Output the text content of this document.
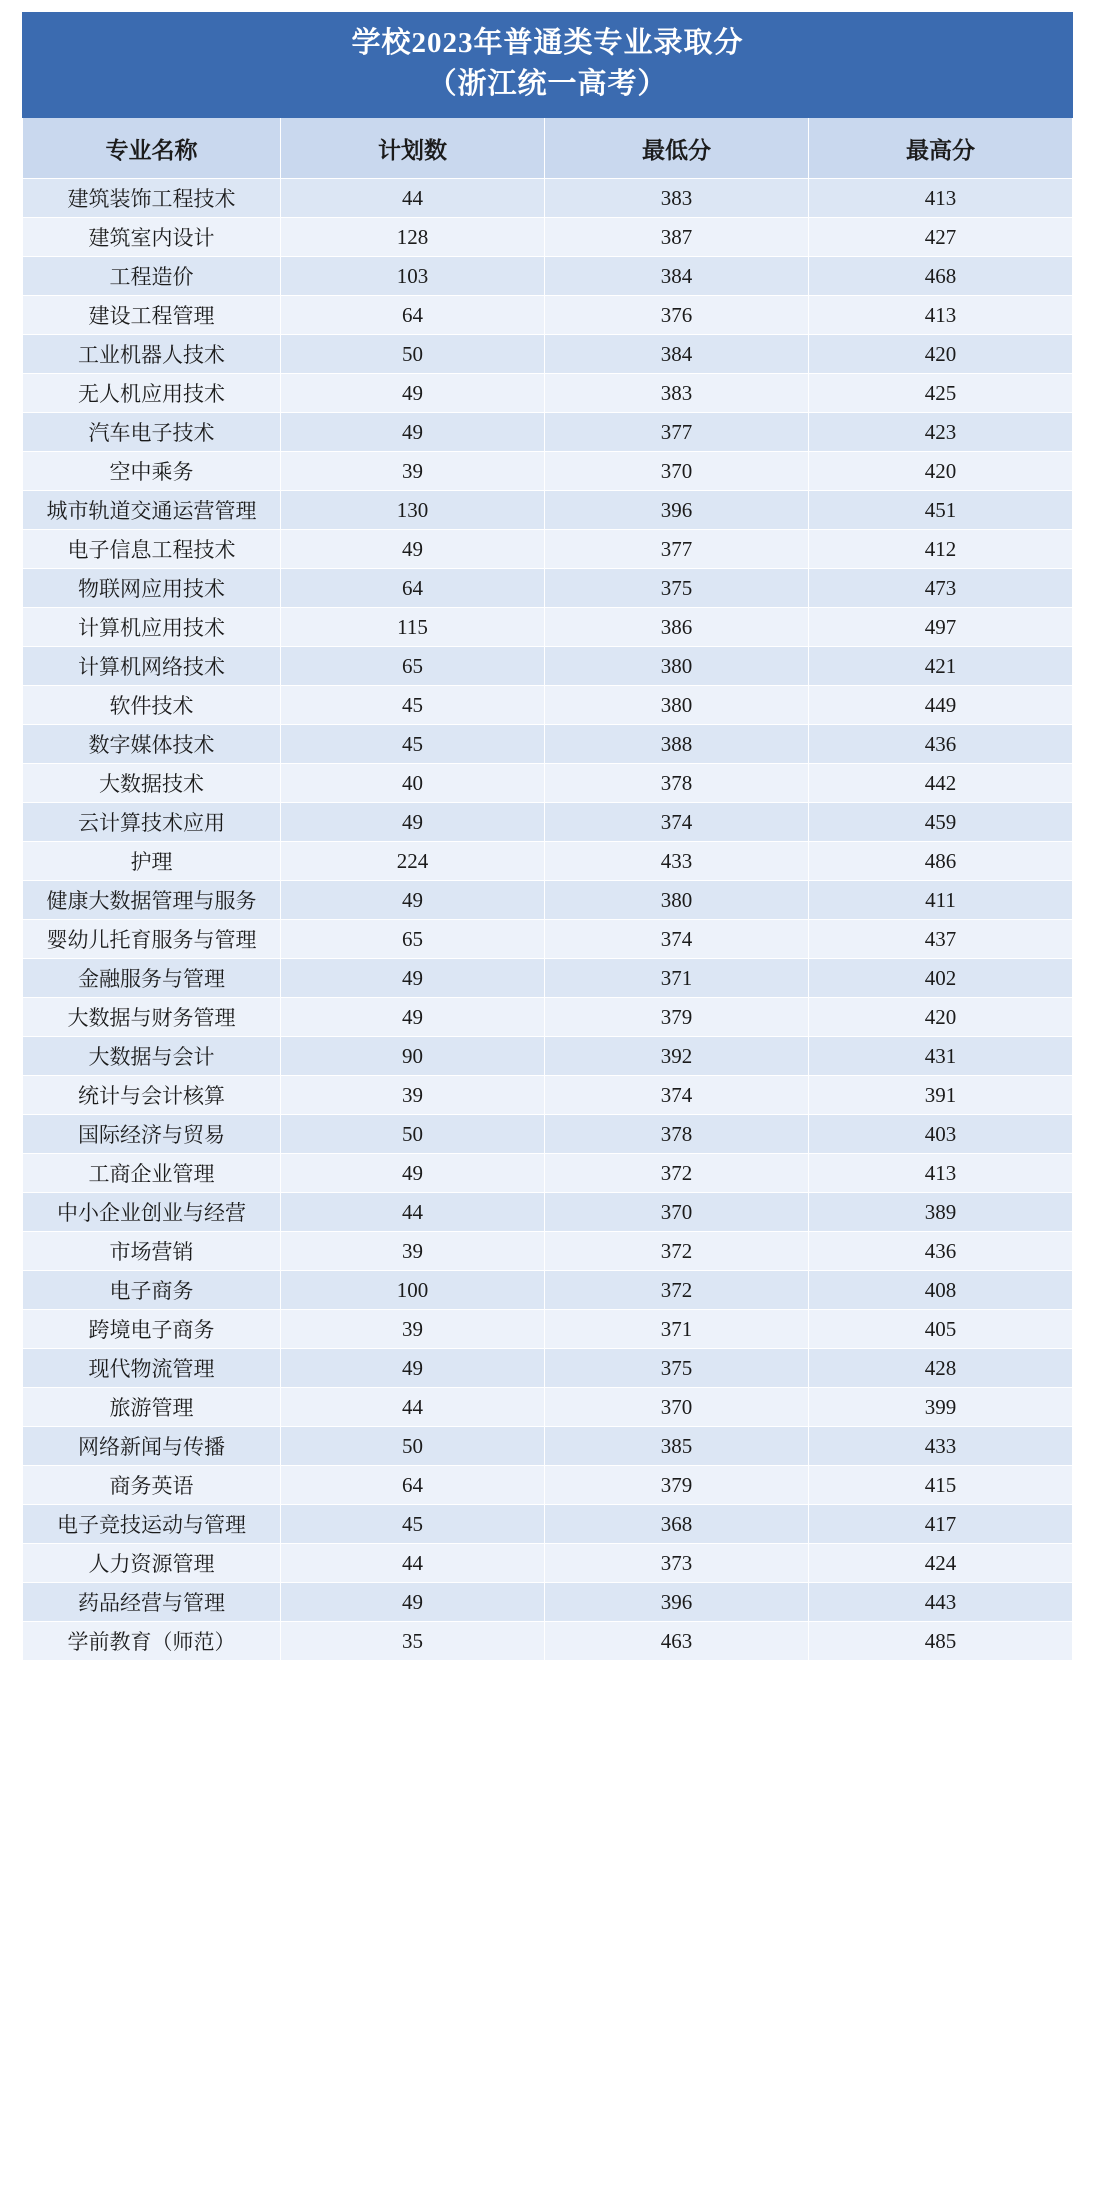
学校2023年普通类专业录取分
（浙江统一高考）			

专业名称	计划数	最低分	最高分
建筑装饰工程技术	44	383	413
建筑室内设计	128	387	427
工程造价	103	384	468
建设工程管理	64	376	413
工业机器人技术	50	384	420
无人机应用技术	49	383	425
汽车电子技术	49	377	423
空中乘务	39	370	420
城市轨道交通运营管理	130	396	451
电子信息工程技术	49	377	412
物联网应用技术	64	375	473
计算机应用技术	115	386	497
计算机网络技术	65	380	421
软件技术	45	380	449
数字媒体技术	45	388	436
大数据技术	40	378	442
云计算技术应用	49	374	459
护理	224	433	486
健康大数据管理与服务	49	380	411
婴幼儿托育服务与管理	65	374	437
金融服务与管理	49	371	402
大数据与财务管理	49	379	420
大数据与会计	90	392	431
统计与会计核算	39	374	391
国际经济与贸易	50	378	403
工商企业管理	49	372	413
中小企业创业与经营	44	370	389
市场营销	39	372	436
电子商务	100	372	408
跨境电子商务	39	371	405
现代物流管理	49	375	428
旅游管理	44	370	399
网络新闻与传播	50	385	433
商务英语	64	379	415
电子竞技运动与管理	45	368	417
人力资源管理	44	373	424
药品经营与管理	49	396	443
学前教育（师范）	35	463	485
